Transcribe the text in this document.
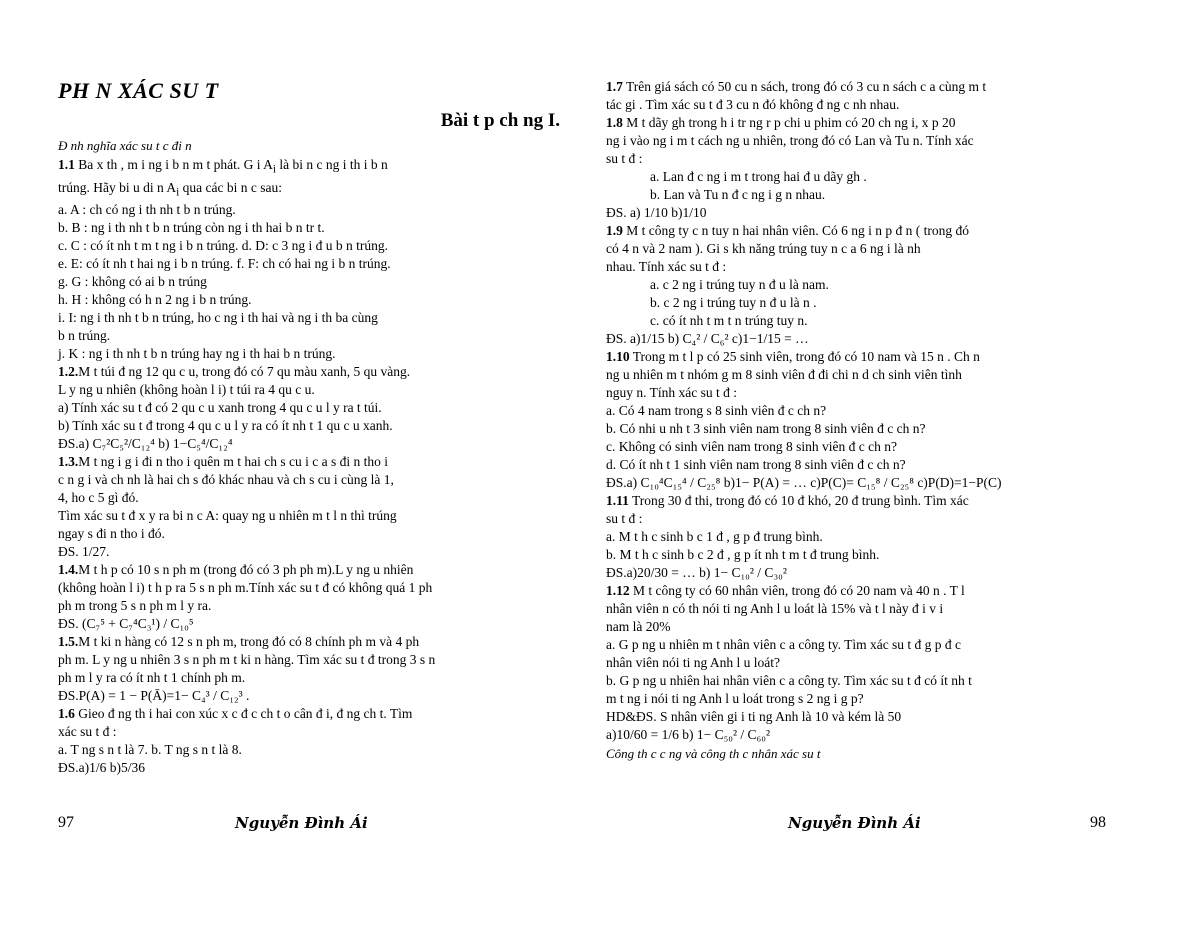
PH N XÁC SU T
Bài t p ch ng I.
Đ nh nghĩa xác su t c đi n

1.1 Ba x th , m i ng i b n m t phát. G i $A_i$ là bi n c ng i th i b n

trúng. Hãy bi u di n $A_i$ qua các bi n c sau:

a. A : ch có ng i th nh t b n trúng.

b. B : ng i th nh t b n trúng còn ng i th hai b n tr t.

c. C : có ít nh t m t ng i b n trúng. d. D: c 3 ng i đ u b n trúng.

e. E: có ít nh t hai ng i b n trúng. f. F: ch có hai ng i b n trúng.

g. G : không có ai b n trúng

h. H : không có h n 2 ng i b n trúng.

i. I: ng i th nh t b n trúng, ho c ng i th hai và ng i th ba cùng

b n trúng.

j. K : ng i th nh t b n trúng hay ng i th hai b n trúng.

1.2.M t túi đ ng 12 qu c u, trong đó có 7 qu màu xanh, 5 qu vàng.

L y ng u nhiên (không hoàn l i) t túi ra 4 qu c u.

a) Tính xác su t đ có 2 qu c u xanh trong 4 qu c u l y ra t túi.

b) Tính xác su t đ trong 4 qu c u l y ra có ít nh t 1 qu c u xanh.

ĐS.a) C₇²C₅²/C₁₂⁴ b) 1−C₅⁴/C₁₂⁴

1.3.M t ng i g i đi n tho i quên m t hai ch s cu i c a s đi n tho i

c n g i và ch nh là hai ch s đó khác nhau và ch s cu i cùng là 1,

4, ho c 5 gì đó.

Tìm xác su t đ x y ra bi n c A: quay ng u nhiên m t l n thì trúng

ngay s đi n tho i đó.

ĐS. 1/27.

1.4.M t h p có 10 s n ph m (trong đó có 3 ph ph m).L y ng u nhiên

(không hoàn l i) t h p ra 5 s n ph m.Tính xác su t đ có không quá 1 ph

ph m trong 5 s n ph m l y ra.

ĐS. (C₇⁵ + C₇⁴C₃¹) / C₁₀⁵

1.5.M t ki n hàng có 12 s n ph m, trong đó có 8 chính ph m và 4 ph

ph m. L y ng u nhiên 3 s n ph m t ki n hàng. Tìm xác su t đ trong 3 s n

ph m l y ra có ít nh t 1 chính ph m.

ĐS.P(A) = 1 − P(Ā)=1− C₄³ / C₁₂³ .

1.6 Gieo đ ng th i hai con xúc x c đ c ch t o cân đ i, đ ng ch t. Tìm

xác su t đ :

a. T ng s n t là 7. b. T ng s n t là 8.

ĐS.a)1/6 b)5/36

1.7 Trên giá sách có 50 cu n sách, trong đó có 3 cu n sách c a cùng m t

tác gi . Tìm xác su t đ 3 cu n đó không đ ng c nh nhau.

1.8 M t dãy gh trong h i tr ng r p chi u phim có 20 ch ng i, x p 20

ng i vào ng i m t cách ng u nhiên, trong đó có Lan và Tu n. Tính xác

su t đ :

a. Lan đ c ng i m t trong hai đ u dãy gh .

b. Lan và Tu n đ c ng i g n nhau.

ĐS. a) 1/10 b)1/10

1.9 M t công ty c n tuy n hai nhân viên. Có 6 ng i n p đ n ( trong đó

có 4 n và 2 nam ). Gi s kh năng trúng tuy n c a 6 ng i là nh

nhau. Tính xác su t đ :

a. c 2 ng i trúng tuy n đ u là nam.

b. c 2 ng i trúng tuy n đ u là n .

c. có ít nh t m t n trúng tuy n.

ĐS. a)1/15 b) C₄² / C₆² c)1−1/15 = …

1.10 Trong m t l p có 25 sinh viên, trong đó có 10 nam và 15 n . Ch n

ng u nhiên m t nhóm g m 8 sinh viên đ đi chi n d ch sinh viên tình

nguy n. Tính xác su t đ :

a. Có 4 nam trong s 8 sinh viên đ c ch n?

b. Có nhi u nh t 3 sinh viên nam trong 8 sinh viên đ c ch n?

c. Không có sinh viên nam trong 8 sinh viên đ c ch n?

d. Có ít nh t 1 sinh viên nam trong 8 sinh viên đ c ch n?

ĐS.a) C₁₀⁴C₁₅⁴ / C₂₅⁸ b)1− P(A) = … c)P(C)= C₁₅⁸ / C₂₅⁸ c)P(D)=1−P(C)

1.11 Trong 30 đ thi, trong đó có 10 đ khó, 20 đ trung bình. Tìm xác

su t đ :

a. M t h c sinh b c 1 đ , g p đ trung bình.

b. M t h c sinh b c 2 đ , g p ít nh t m t đ trung bình.

ĐS.a)20/30 = … b) 1− C₁₀² / C₃₀²

1.12 M t công ty có 60 nhân viên, trong đó có 20 nam và 40 n . T l

nhân viên n có th nói ti ng Anh l u loát là 15% và t l này đ i v i

nam là 20%

a. G p ng u nhiên m t nhân viên c a công ty. Tìm xác su t đ g p đ c

nhân viên nói ti ng Anh l u loát?

b. G p ng u nhiên hai nhân viên c a công ty. Tìm xác su t đ có ít nh t

m t ng i nói ti ng Anh l u loát trong s 2 ng i g p?

HD&ĐS. S nhân viên gi i ti ng Anh là 10 và kém là 50

a)10/60 = 1/6 b) 1− C₅₀² / C₆₀²

Công th c c ng và công th c nhân xác su t
97	Nguyễn Đình Ái	Nguyễn Đình Ái	98
